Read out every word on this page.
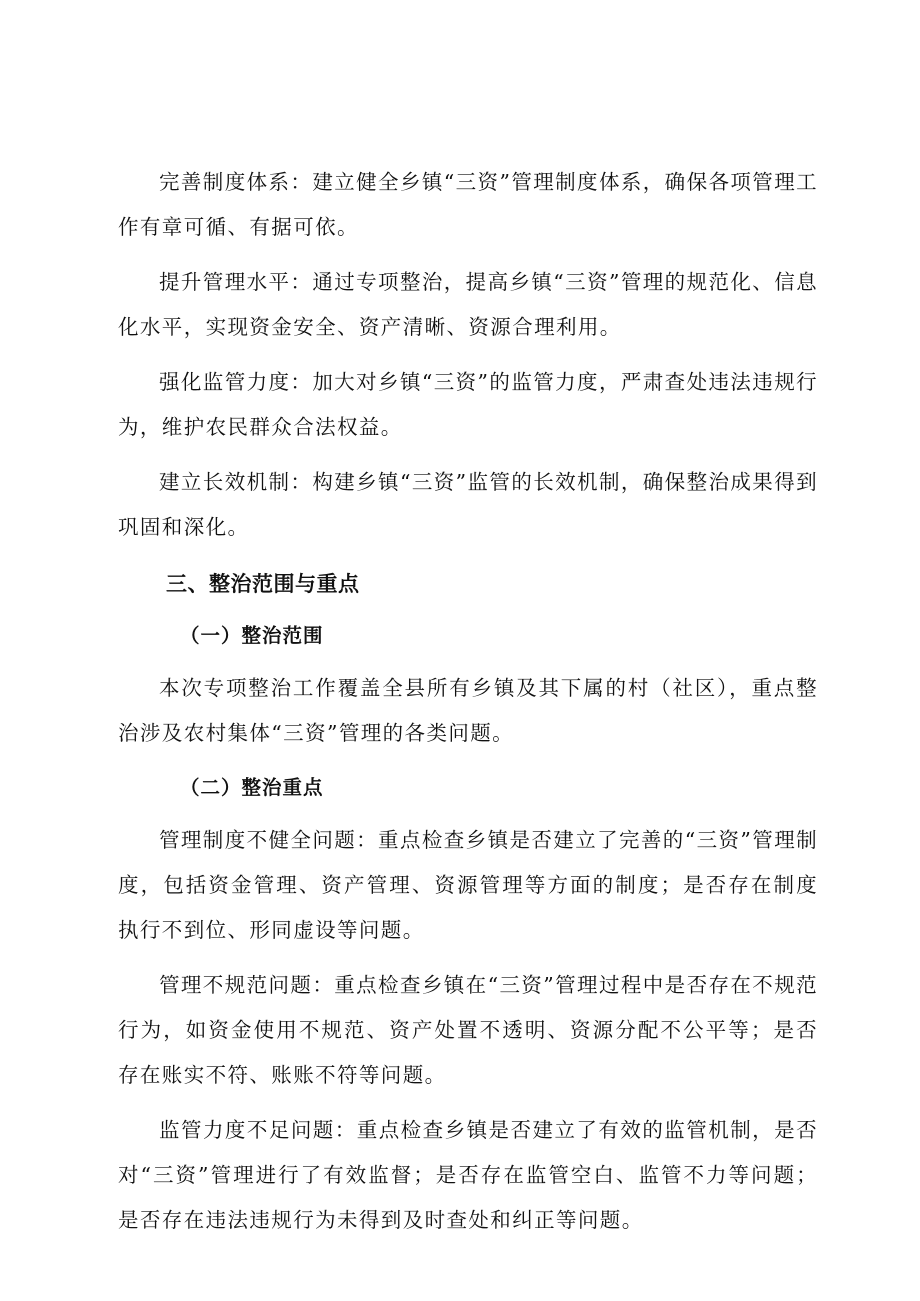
完善制度体系：建立健全乡镇“三资”管理制度体系，确保各项管理工作有章可循、有据可依。

提升管理水平：通过专项整治，提高乡镇“三资”管理的规范化、信息化水平，实现资金安全、资产清晰、资源合理利用。

强化监管力度：加大对乡镇“三资”的监管力度，严肃查处违法违规行为，维护农民群众合法权益。

建立长效机制：构建乡镇“三资”监管的长效机制，确保整治成果得到巩固和深化。

三、整治范围与重点
（一）整治范围

本次专项整治工作覆盖全县所有乡镇及其下属的村（社区），重点整治涉及农村集体“三资”管理的各类问题。

（二）整治重点

管理制度不健全问题：重点检查乡镇是否建立了完善的“三资”管理制度，包括资金管理、资产管理、资源管理等方面的制度；是否存在制度执行不到位、形同虚设等问题。

管理不规范问题：重点检查乡镇在“三资”管理过程中是否存在不规范行为，如资金使用不规范、资产处置不透明、资源分配不公平等；是否存在账实不符、账账不符等问题。

监管力度不足问题：重点检查乡镇是否建立了有效的监管机制，是否对“三资”管理进行了有效监督；是否存在监管空白、监管不力等问题；是否存在违法违规行为未得到及时查处和纠正等问题。
